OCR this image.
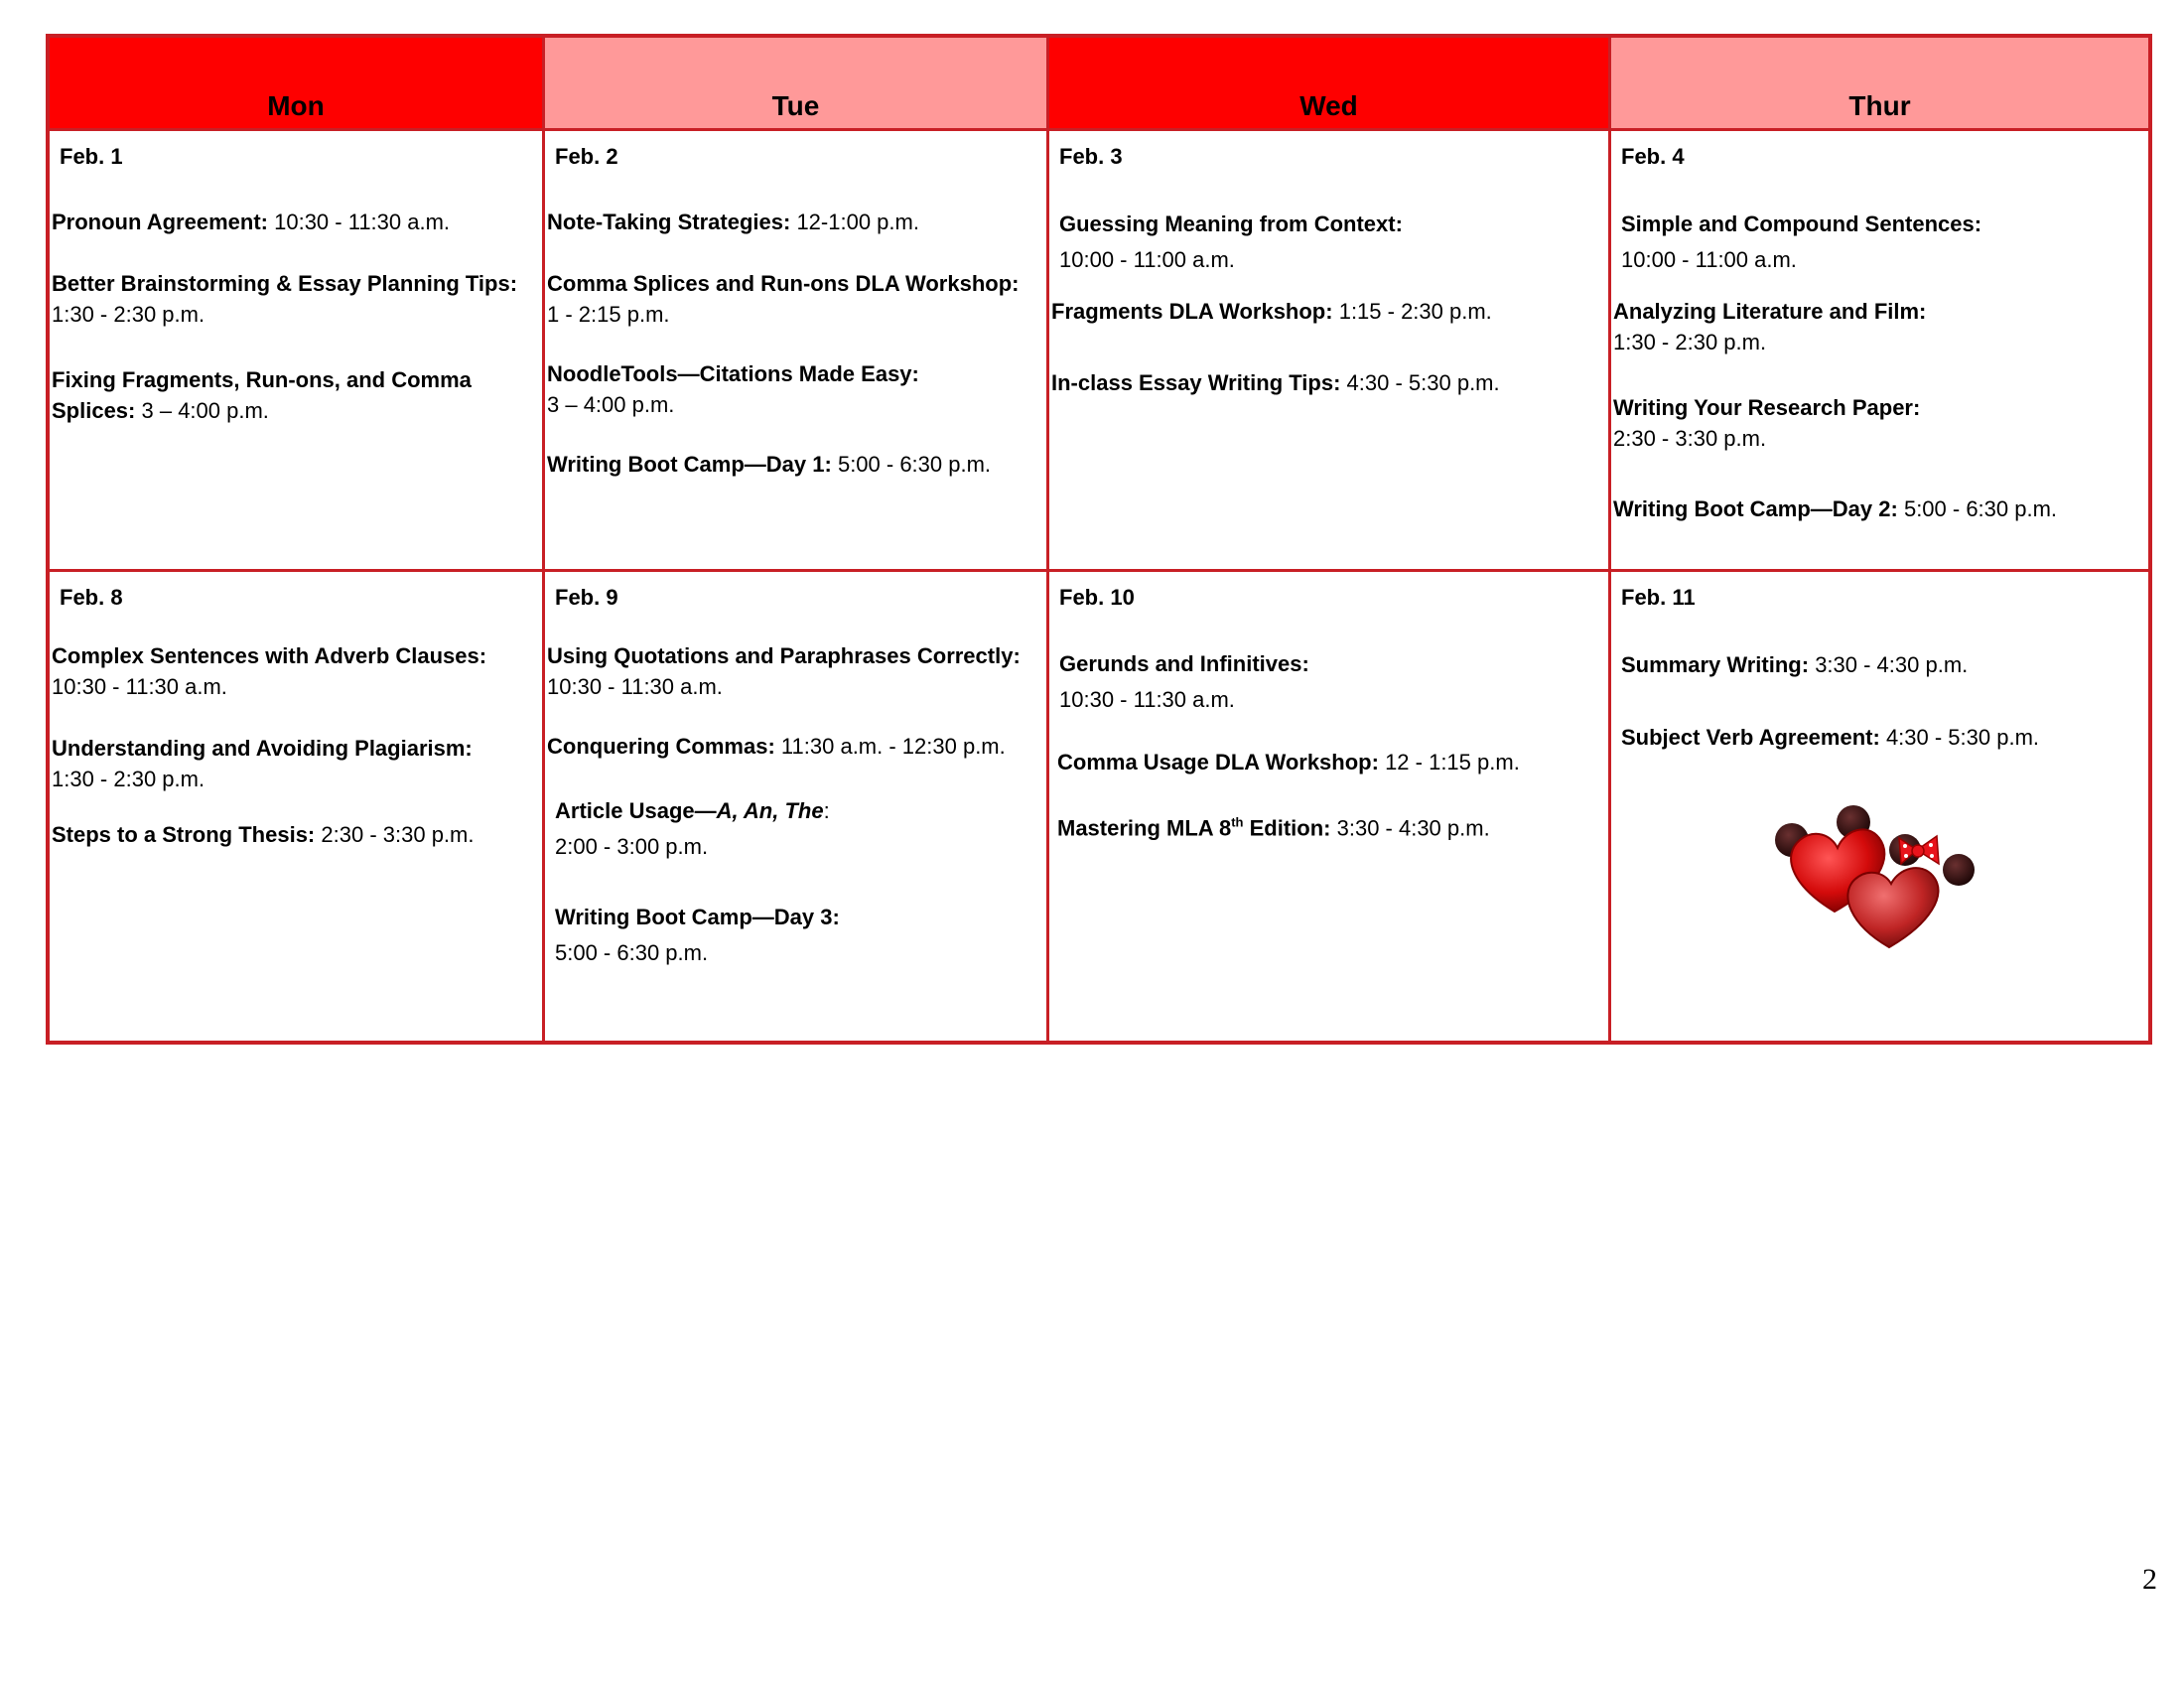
Mon	Tue	Wed	Thur
Feb. 1
Pronoun Agreement: 10:30 - 11:30 a.m.
Better Brainstorming & Essay Planning Tips:
1:30 - 2:30 p.m.
Fixing Fragments, Run-ons, and Comma
Splices: 3 – 4:00 p.m.
Feb. 2
Note-Taking Strategies: 12-1:00 p.m.
Comma Splices and Run-ons DLA Workshop:
1 - 2:15 p.m.
NoodleTools—Citations Made Easy:
3 – 4:00 p.m.
Writing Boot Camp—Day 1: 5:00 - 6:30 p.m.
Feb. 3
Guessing Meaning from Context:
10:00 - 11:00 a.m.
Fragments DLA Workshop: 1:15 - 2:30 p.m.
In-class Essay Writing Tips: 4:30 - 5:30 p.m.
Feb. 4
Simple and Compound Sentences:
10:00 - 11:00 a.m.
Analyzing Literature and Film:
1:30 - 2:30 p.m.
Writing Your Research Paper:
2:30 - 3:30 p.m.
Writing Boot Camp—Day 2: 5:00 - 6:30 p.m.
Feb. 8
Complex Sentences with Adverb Clauses:
10:30 - 11:30 a.m.
Understanding and Avoiding Plagiarism:
1:30 - 2:30 p.m.
Steps to a Strong Thesis: 2:30 - 3:30 p.m.
Feb. 9
Using Quotations and Paraphrases Correctly:
10:30 - 11:30 a.m.
Conquering Commas: 11:30 a.m. - 12:30 p.m.
Article Usage—A, An, The:
2:00 - 3:00 p.m.
Writing Boot Camp—Day 3:
5:00 - 6:30 p.m.
Feb. 10
Gerunds and Infinitives:
10:30 - 11:30 a.m.
Comma Usage DLA Workshop: 12 - 1:15 p.m.
Mastering MLA 8th Edition: 3:30 - 4:30 p.m.
Feb. 11
Summary Writing: 3:30 - 4:30 p.m.
Subject Verb Agreement: 4:30 - 5:30 p.m.
2
